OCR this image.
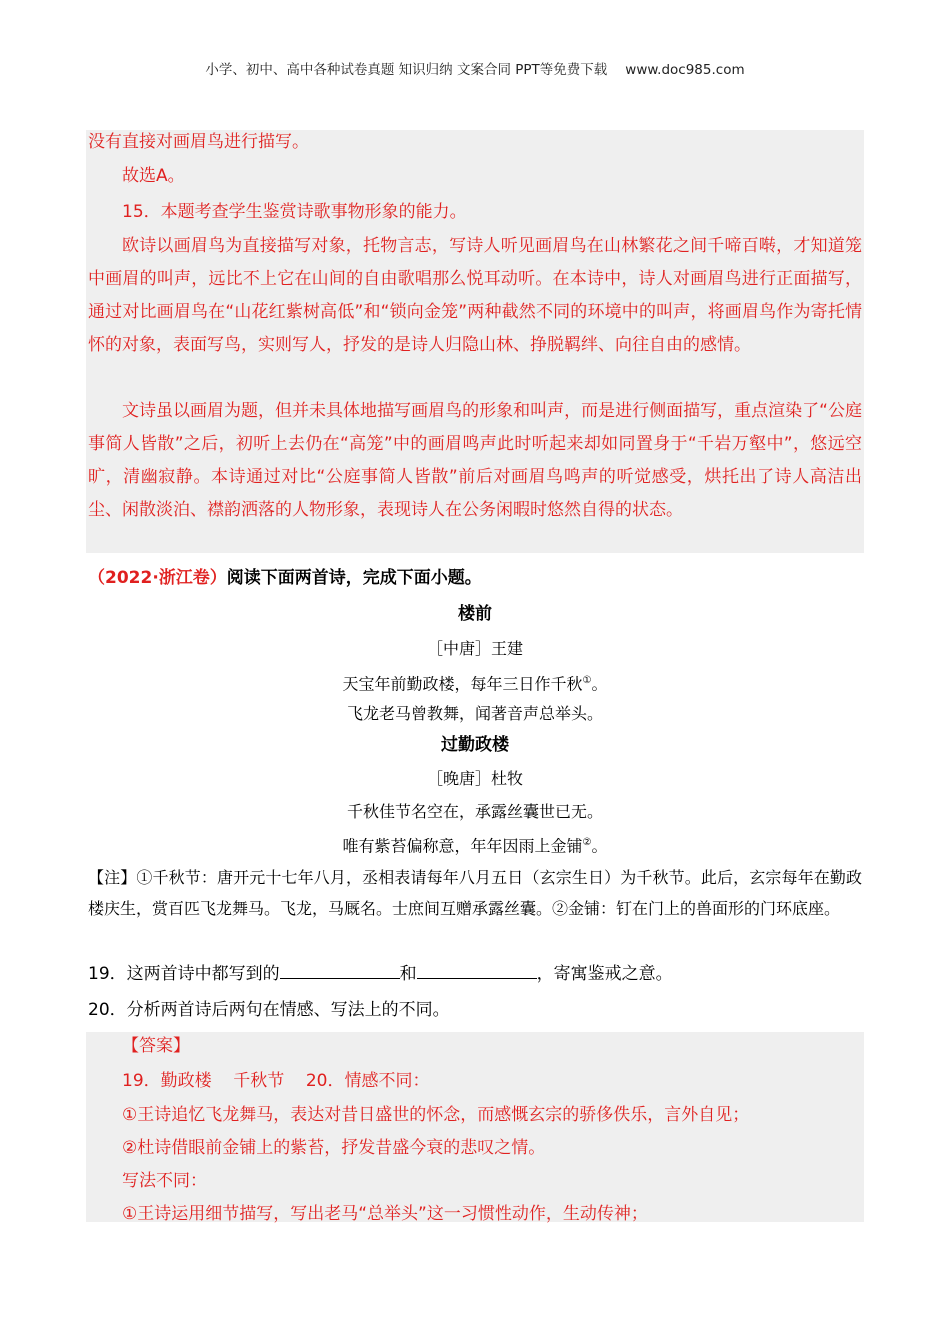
小学、初中、高中各种试卷真题 知识归纳 文案合同 PPT等免费下载 www.doc985.com
没有直接对画眉鸟进行描写。
故选A。
15．本题考查学生鉴赏诗歌事物形象的能力。
欧诗以画眉鸟为直接描写对象，托物言志，写诗人听见画眉鸟在山林繁花之间千啼百啭，才知道笼中画眉的叫声，远比不上它在山间的自由歌唱那么悦耳动听。在本诗中，诗人对画眉鸟进行正面描写，通过对比画眉鸟在“山花红紫树高低”和“锁向金笼”两种截然不同的环境中的叫声，将画眉鸟作为寄托情怀的对象，表面写鸟，实则写人，抒发的是诗人归隐山林、挣脱羁绊、向往自由的感情。
文诗虽以画眉为题，但并未具体地描写画眉鸟的形象和叫声，而是进行侧面描写，重点渲染了“公庭事简人皆散”之后，初听上去仍在“高笼”中的画眉鸣声此时听起来却如同置身于“千岩万壑中”，悠远空旷，清幽寂静。本诗通过对比“公庭事简人皆散”前后对画眉鸟鸣声的听觉感受，烘托出了诗人高洁出尘、闲散淡泊、襟韵洒落的人物形象，表现诗人在公务闲暇时悠然自得的状态。
（2022·浙江卷）阅读下面两首诗，完成下面小题。
楼前
［中唐］王建
天宝年前勤政楼，每年三日作千秋①。
飞龙老马曾教舞，闻著音声总举头。
过勤政楼
［晚唐］杜牧
千秋佳节名空在，承露丝囊世已无。
唯有紫苔偏称意，年年因雨上金铺②。
【注】①千秋节：唐开元十七年八月，丞相表请每年八月五日（玄宗生日）为千秋节。此后，玄宗每年在勤政楼庆生，赏百匹飞龙舞马。飞龙，马厩名。士庶间互赠承露丝囊。②金铺：钉在门上的兽面形的门环底座。
19．这两首诗中都写到的	和	，寄寓鉴戒之意。
20．分析两首诗后两句在情感、写法上的不同。
【答案】
19．勤政楼    千秋节    20．情感不同：
①王诗追忆飞龙舞马，表达对昔日盛世的怀念，而感慨玄宗的骄侈佚乐，言外自见；
②杜诗借眼前金铺上的紫苔，抒发昔盛今衰的悲叹之情。
写法不同：
①王诗运用细节描写，写出老马“总举头”这一习惯性动作，生动传神；
